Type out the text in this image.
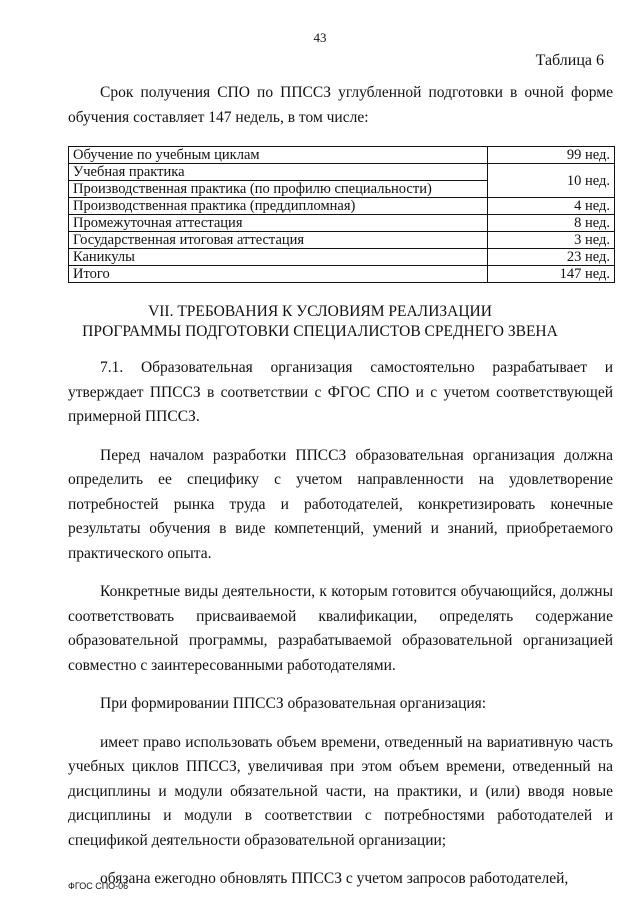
43
Таблица 6

Срок получения СПО по ППССЗ углубленной подготовки в очной форме обучения составляет 147 недель, в том числе:

Обучение по учебным циклам	99 нед.
Учебная практика	10 нед.
Производственная практика (по профилю специальности)	
Производственная практика (преддипломная)	4 нед.
Промежуточная аттестация	8 нед.
Государственная итоговая аттестация	3 нед.
Каникулы	23 нед.
Итого	147 нед.
VII. ТРЕБОВАНИЯ К УСЛОВИЯМ РЕАЛИЗАЦИИ
ПРОГРАММЫ ПОДГОТОВКИ СПЕЦИАЛИСТОВ СРЕДНЕГО ЗВЕНА

7.1. Образовательная организация самостоятельно разрабатывает и утверждает ППССЗ в соответствии с ФГОС СПО и с учетом соответствующей примерной ППССЗ.

Перед началом разработки ППССЗ образовательная организация должна определить ее специфику с учетом направленности на удовлетворение потребностей рынка труда и работодателей, конкретизировать конечные результаты обучения в виде компетенций, умений и знаний, приобретаемого практического опыта.

Конкретные виды деятельности, к которым готовится обучающийся, должны соответствовать присваиваемой квалификации, определять содержание образовательной программы, разрабатываемой образовательной организацией совместно с заинтересованными работодателями.

При формировании ППССЗ образовательная организация:

имеет право использовать объем времени, отведенный на вариативную часть учебных циклов ППССЗ, увеличивая при этом объем времени, отведенный на дисциплины и модули обязательной части, на практики, и (или) вводя новые дисциплины и модули в соответствии с потребностями работодателей и спецификой деятельности образовательной организации;

обязана ежегодно обновлять ППССЗ с учетом запросов работодателей,

ФГОС СПО-06
